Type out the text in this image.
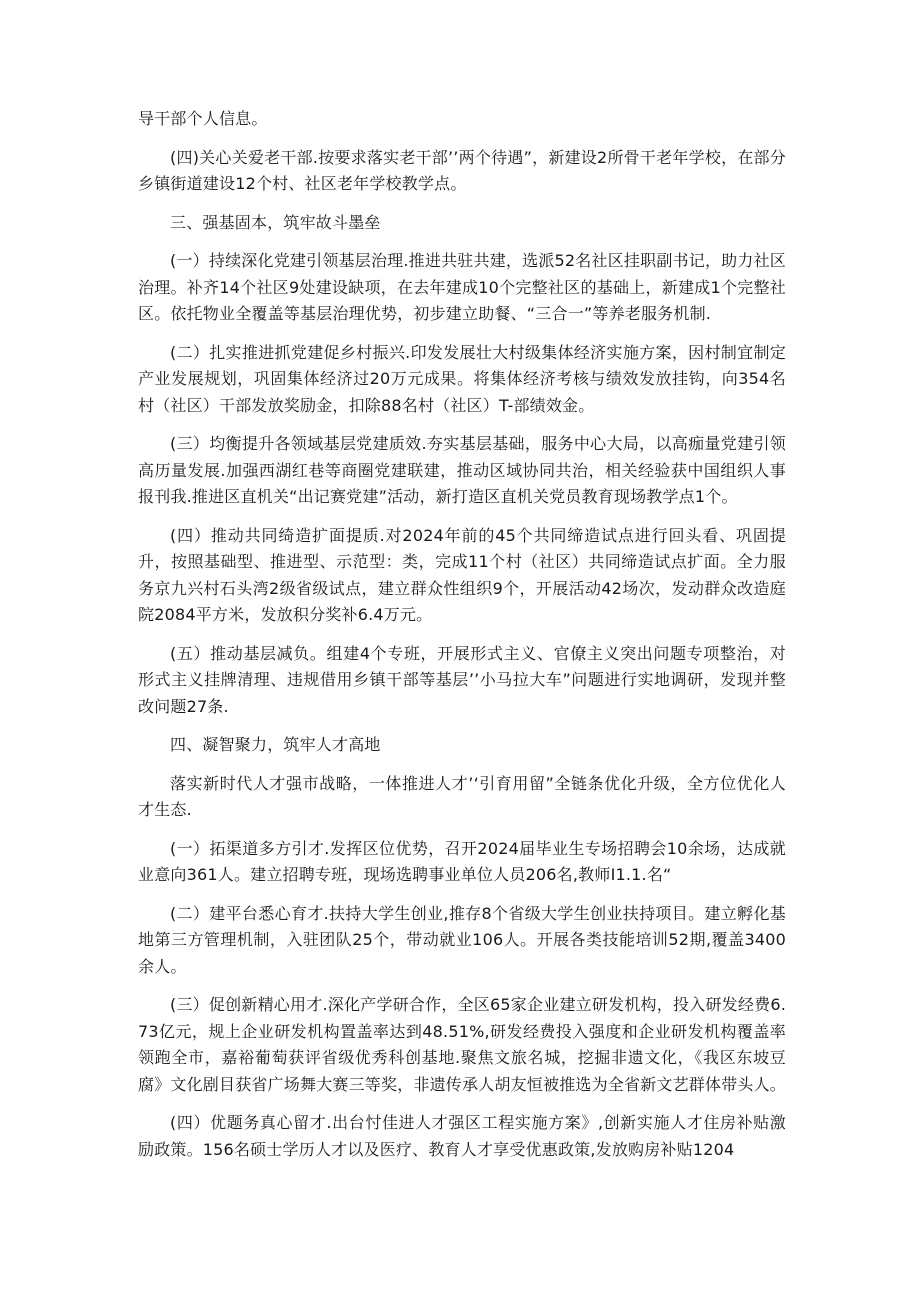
导干部个人信息。

(四)关心关爱老干部.按要求落实老干部’’两个待遇”，新建设2所骨干老年学校，在部分乡镇街道建设12个村、社区老年学校教学点。

三、强基固本，筑牢故斗墨垒

(一）持续深化党建引领基层治理.推进共驻共建，选派52名社区挂职副书记，助力社区治理。补齐14个社区9处建设缺项，在去年建成10个完整社区的基础上，新建成1个完整社区。依托物业全覆盖等基层治理优势，初步建立助餐、“三合一”等养老服务机制.

(二）扎实推进抓党建促乡村振兴.印发发展壮大村级集体经济实施方案，因村制宜制定产业发展规划，巩固集体经济过20万元成果。将集体经济考核与绩效发放挂钩，向354名村（社区）干部发放奖励金，扣除88名村（社区）T-部绩效金。

(三）均衡提升各领域基层党建质效.夯实基层基础，服务中心大局，以高痂量党建引领高历量发展.加强西湖红巷等商圈党建联建，推动区域协同共治，相关经验获中国组织人事报刊我.推进区直机关“出记赛党建”活动，新打造区直机关党员教育现场教学点1个。

(四）推动共同绮造扩面提质.对2024年前的45个共同缔造试点进行回头看、巩固提升，按照基础型、推进型、示范型：类，完成11个村（社区）共同缔造试点扩面。全力服务京九兴村石头湾2级省级试点，建立群众性组织9个，开展活动42场次，发动群众改造庭院2084平方米，发放积分奖补6.4万元。

(五）推动基层减负。组建4个专班，开展形式主义、官僚主义突出问题专项整治，对形式主义挂牌清理、违规借用乡镇干部等基层’’小马拉大车”问题进行实地调研，发现并整改问题27条.

四、凝智聚力，筑牢人才高地

落实新时代人才强市战略，一体推进人才’‘引育用留”全链条优化升级，全方位优化人才生态.

(一）拓渠道多方引才.发挥区位优势，召开2024届毕业生专场招聘会10余场，达成就业意向361人。建立招聘专班，现场选聘事业单位人员206名,教师I1.1.名“

(二）建平台悉心育才.扶持大学生创业,推存8个省级大学生创业扶持项目。建立孵化基地第三方管理机制，入驻团队25个，带动就业106人。开展各类技能培训52期,覆盖3400余人。

(三）促创新精心用才.深化产学研合作，全区65家企业建立研发机构，投入研发经费6.73亿元，规上企业研发机构置盖率达到48.51%,研发经费投入强度和企业研发机构覆盖率领跑全市，嘉裕葡萄获评省级优秀科创基地.聚焦文旅名城，挖掘非遗文化，《我区东坡豆腐》文化剧目获省广场舞大赛三等奖，非遗传承人胡友恒被推选为全省新文艺群体带头人。

(四）优题务真心留才.出台忖佳进人才强区工程实施方案》,创新实施人才住房补贴激励政策。156名硕士学历人才以及医疗、教育人才享受优惠政策,发放购房补贴1204
